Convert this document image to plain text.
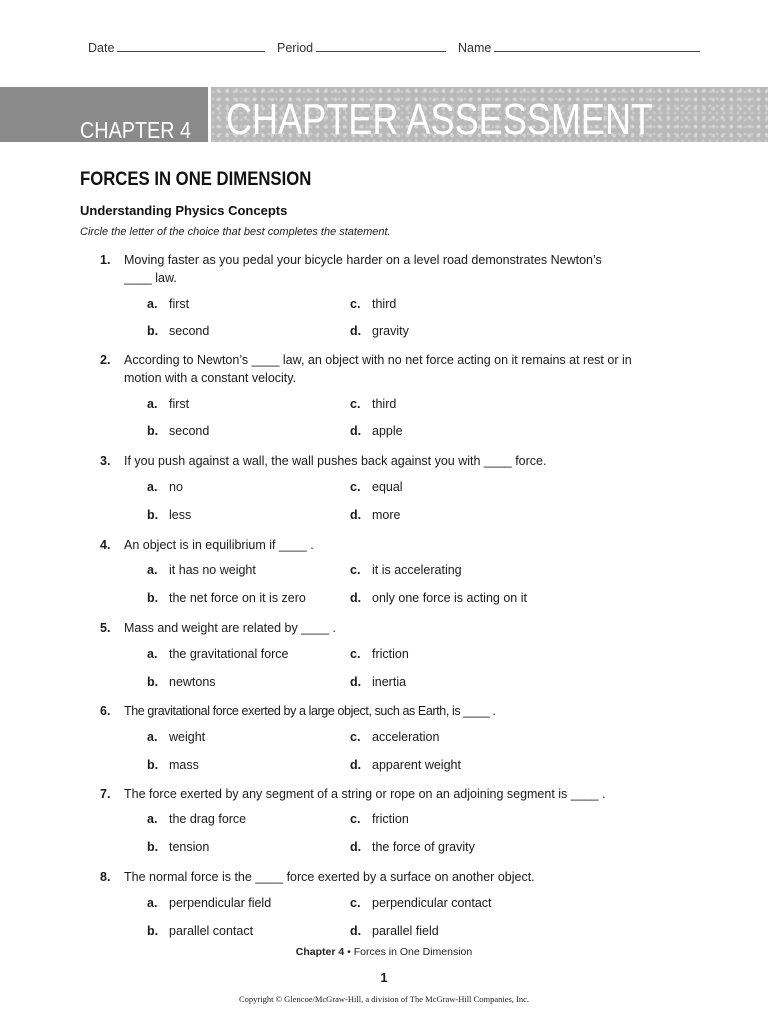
Date	Period	Name
CHAPTER 4 CHAPTER ASSESSMENT
FORCES IN ONE DIMENSION
Understanding Physics Concepts
Circle the letter of the choice that best completes the statement.
1. Moving faster as you pedal your bicycle harder on a level road demonstrates Newton’s
____ law.
a. first
b. second
c. third
d. gravity
2. According to Newton’s ____ law, an object with no net force acting on it remains at rest or in
motion with a constant velocity.
a. first
b. second
c. third
d. apple
3. If you push against a wall, the wall pushes back against you with ____ force.
a. no
b. less
c. equal
d. more
4. An object is in equilibrium if ____ .
a. it has no weight
b. the net force on it is zero
c. it is accelerating
d. only one force is acting on it
5. Mass and weight are related by ____ .
a. the gravitational force
b. newtons
c. friction
d. inertia
6. The gravitational force exerted by a large object, such as Earth, is ____ .
a. weight
b. mass
c. acceleration
d. apparent weight
7. The force exerted by any segment of a string or rope on an adjoining segment is ____ .
a. the drag force
b. tension
c. friction
d. the force of gravity
8. The normal force is the ____ force exerted by a surface on another object.
a. perpendicular field
b. parallel contact
c. perpendicular contact
d. parallel field
Chapter 4 • Forces in One Dimension
1
Copyright © Glencoe/McGraw-Hill, a division of The McGraw-Hill Companies, Inc.
